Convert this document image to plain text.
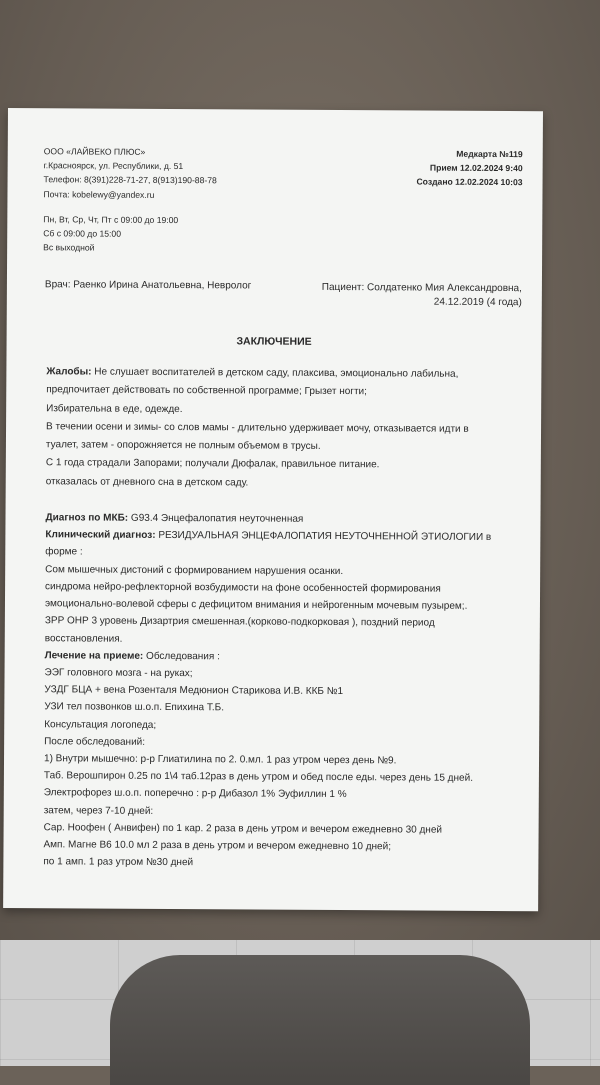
ООО «ЛАЙВЕКО ПЛЮС»
г.Красноярск, ул. Республики, д. 51
Телефон: 8(391)228-71-27, 8(913)190-88-78
Почта: kobelewy@yandex.ru
Пн, Вт, Ср, Чт, Пт с 09:00 до 19:00
Сб с 09:00 до 15:00
Вс выходной
Медкарта №119
Прием 12.02.2024 9:40
Создано 12.02.2024 10:03
Врач: Раенко Ирина Анатольевна, Невролог	Пациент: Солдатенко Мия Александровна,
24.12.2019 (4 года)
ЗАКЛЮЧЕНИЕ

Жалобы: Не слушает воспитателей в детском саду, плаксива, эмоционально лабильна,

предпочитает действовать по собственной программе; Грызет ногти;

Избирательна в еде, одежде.

В течении осени и зимы- со слов мамы - длительно удерживает мочу, отказывается идти в

туалет, затем - опорожняется не полным объемом в трусы.

С 1 года страдали Запорами; получали Дюфалак, правильное питание.

отказалась от дневного сна в детском саду.

Диагноз по МКБ: G93.4 Энцефалопатия неуточненная

Клинический диагноз: РЕЗИДУАЛЬНАЯ ЭНЦЕФАЛОПАТИЯ НЕУТОЧНЕННОЙ ЭТИОЛОГИИ в

форме :

Сом мышечных дистоний с формированием нарушения осанки.

синдрома нейро-рефлекторной возбудимости на фоне особенностей формирования

эмоционально-волевой сферы с дефицитом внимания и нейрогенным мочевым пузырем;.

ЗРР ОНР 3 уровень Дизартрия смешенная.(корково-подкорковая ), поздний период

восстановления.

Лечение на приеме: Обследования :

ЭЭГ головного мозга - на руках;

УЗДГ БЦА + вена Розенталя Медюнион Старикова И.В. ККБ №1

УЗИ тел позвонков ш.о.п. Епихина Т.Б.

Консультация логопеда;

После обследований:

1) Внутри мышечно: р-р Глиатилина по 2. 0.мл. 1 раз утром через день №9.

Таб. Верошпирон 0.25 по 1\4 таб.12раз в день утром и обед после еды. через день 15 дней.

Электрофорез ш.о.п. поперечно : р-р Дибазол 1% Эуфиллин 1 %

затем, через 7-10 дней:

Сар. Ноофен ( Анвифен) по 1 кар. 2 раза в день утром и вечером ежедневно 30 дней

Амп. Магне В6 10.0 мл 2 раза в день утром и вечером ежедневно 10 дней;

по 1 амп. 1 раз утром №30 дней
